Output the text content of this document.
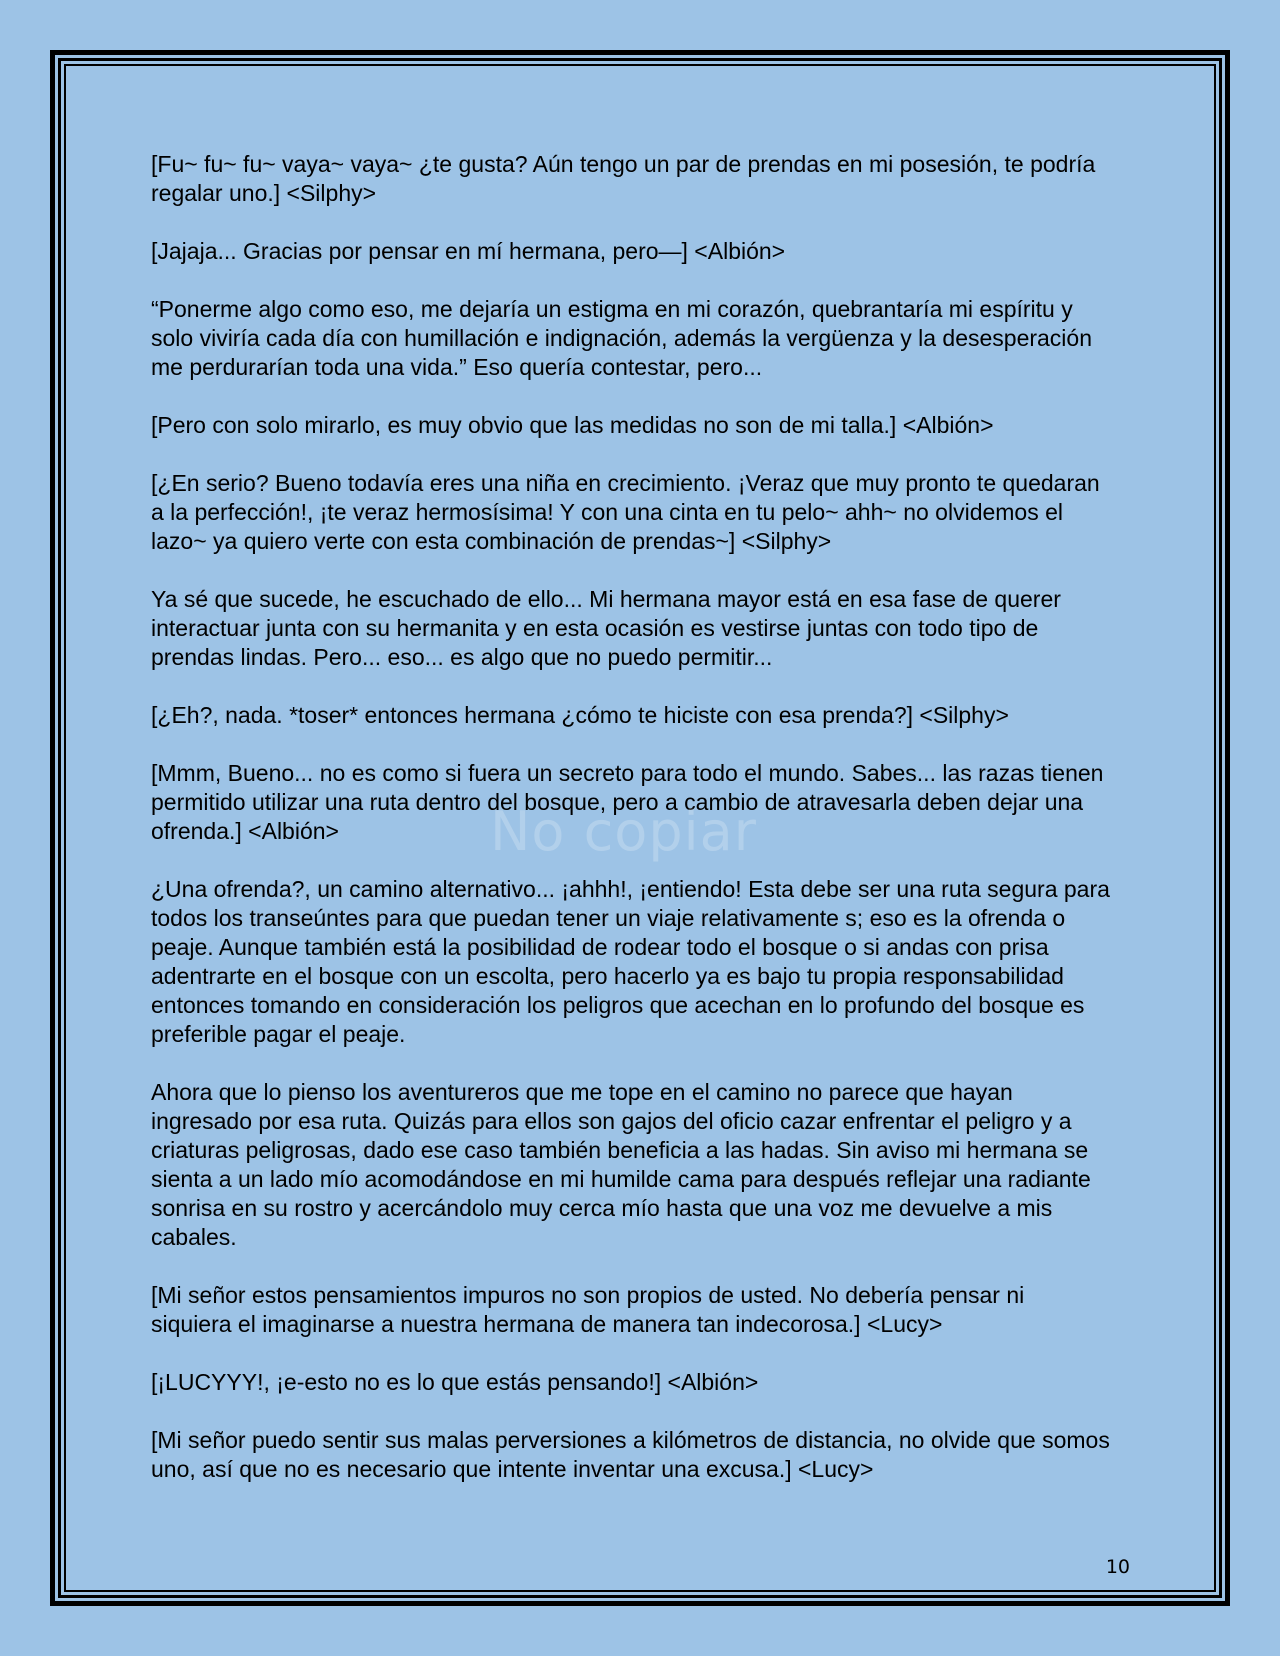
[Fu~ fu~ fu~ vaya~ vaya~ ¿te gusta? Aún tengo un par de prendas en mi posesión, te podría regalar uno.] <Silphy>

[Jajaja... Gracias por pensar en mí hermana, pero—] <Albión>

“Ponerme algo como eso, me dejaría un estigma en mi corazón, quebrantaría mi espíritu y solo viviría cada día con humillación e indignación, además la vergüenza y la desesperación me perdurarían toda una vida.” Eso quería contestar, pero...

[Pero con solo mirarlo, es muy obvio que las medidas no son de mi talla.] <Albión>

[¿En serio? Bueno todavía eres una niña en crecimiento. ¡Veraz que muy pronto te quedaran a la perfección!, ¡te veraz hermosísima! Y con una cinta en tu pelo~ ahh~ no olvidemos el lazo~ ya quiero verte con esta combinación de prendas~] <Silphy>

Ya sé que sucede, he escuchado de ello... Mi hermana mayor está en esa fase de querer interactuar junta con su hermanita y en esta ocasión es vestirse juntas con todo tipo de prendas lindas. Pero... eso... es algo que no puedo permitir...

[¿Eh?, nada. *toser* entonces hermana ¿cómo te hiciste con esa prenda?] <Silphy>

[Mmm, Bueno... no es como si fuera un secreto para todo el mundo. Sabes... las razas tienen permitido utilizar una ruta dentro del bosque, pero a cambio de atravesarla deben dejar una ofrenda.] <Albión>

¿Una ofrenda?, un camino alternativo... ¡ahhh!, ¡entiendo! Esta debe ser una ruta segura para todos los transeúntes para que puedan tener un viaje relativamente s; eso es la ofrenda o peaje. Aunque también está la posibilidad de rodear todo el bosque o si andas con prisa adentrarte en el bosque con un escolta, pero hacerlo ya es bajo tu propia responsabilidad entonces tomando en consideración los peligros que acechan en lo profundo del bosque es preferible pagar el peaje.

Ahora que lo pienso los aventureros que me tope en el camino no parece que hayan ingresado por esa ruta. Quizás para ellos son gajos del oficio cazar enfrentar el peligro y a criaturas peligrosas, dado ese caso también beneficia a las hadas. Sin aviso mi hermana se sienta a un lado mío acomodándose en mi humilde cama para después reflejar una radiante sonrisa en su rostro y acercándolo muy cerca mío hasta que una voz me devuelve a mis cabales.

[Mi señor estos pensamientos impuros no son propios de usted. No debería pensar ni siquiera el imaginarse a nuestra hermana de manera tan indecorosa.] <Lucy>

[¡LUCYYY!, ¡e-esto no es lo que estás pensando!] <Albión>

[Mi señor puedo sentir sus malas perversiones a kilómetros de distancia, no olvide que somos uno, así que no es necesario que intente inventar una excusa.] <Lucy>

No copiar
10
